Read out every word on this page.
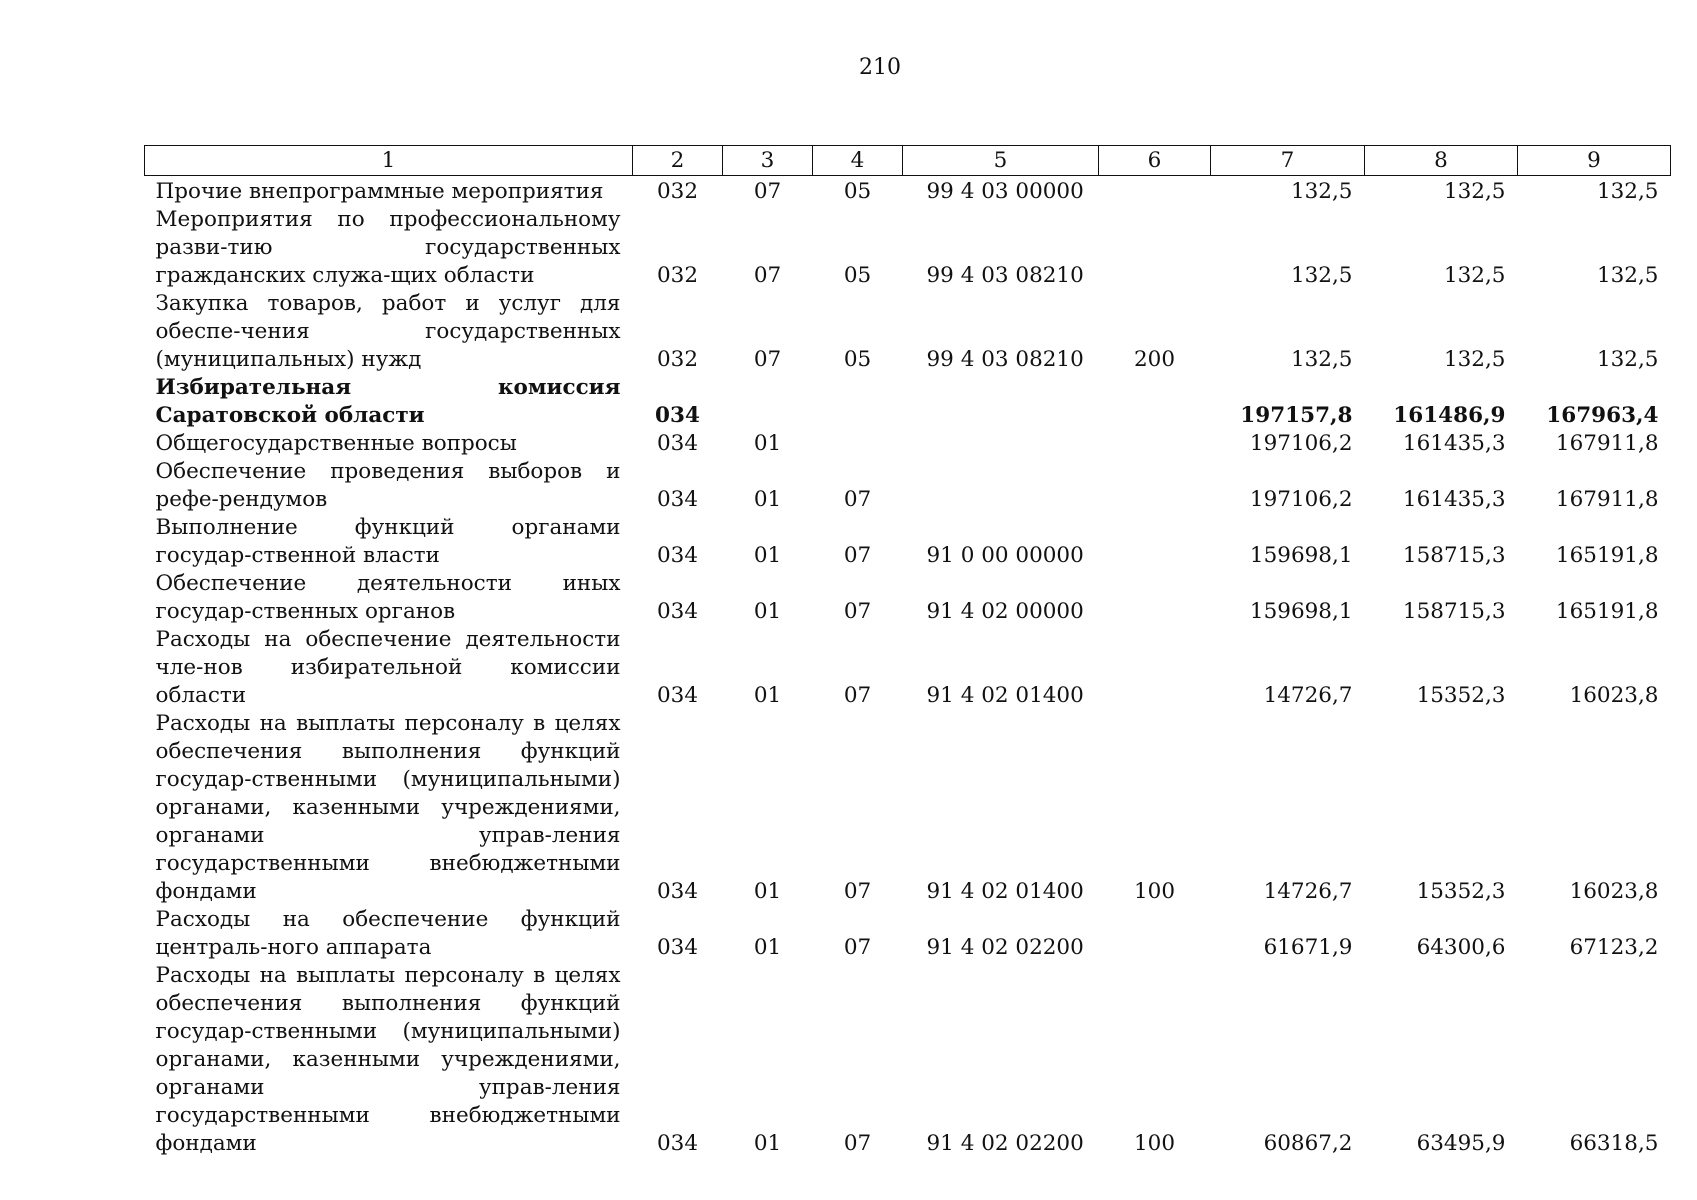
210
1	2	3	4	5	6	7	8	9
Прочие внепрограммные мероприятия	032	07	05	99 4 03 00000		132,5	132,5	132,5
Мероприятия по профессиональному разви-тию государственных гражданских служа-щих области	032	07	05	99 4 03 08210		132,5	132,5	132,5
Закупка товаров, работ и услуг для обеспе-чения государственных (муниципальных) нужд	032	07	05	99 4 03 08210	200	132,5	132,5	132,5
Избирательная комиссия Саратовской области	034					197157,8	161486,9	167963,4
Общегосударственные вопросы	034	01				197106,2	161435,3	167911,8
Обеспечение проведения выборов и рефе-рендумов	034	01	07			197106,2	161435,3	167911,8
Выполнение функций органами государ-ственной власти	034	01	07	91 0 00 00000		159698,1	158715,3	165191,8
Обеспечение деятельности иных государ-ственных органов	034	01	07	91 4 02 00000		159698,1	158715,3	165191,8
Расходы на обеспечение деятельности чле-нов избирательной комиссии области	034	01	07	91 4 02 01400		14726,7	15352,3	16023,8
Расходы на выплаты персоналу в целях обеспечения выполнения функций государ-ственными (муниципальными) органами, казенными учреждениями, органами управ-ления государственными внебюджетными фондами	034	01	07	91 4 02 01400	100	14726,7	15352,3	16023,8
Расходы на обеспечение функций централь-ного аппарата	034	01	07	91 4 02 02200		61671,9	64300,6	67123,2
Расходы на выплаты персоналу в целях обеспечения выполнения функций государ-ственными (муниципальными) органами, казенными учреждениями, органами управ-ления государственными внебюджетными фондами	034	01	07	91 4 02 02200	100	60867,2	63495,9	66318,5
